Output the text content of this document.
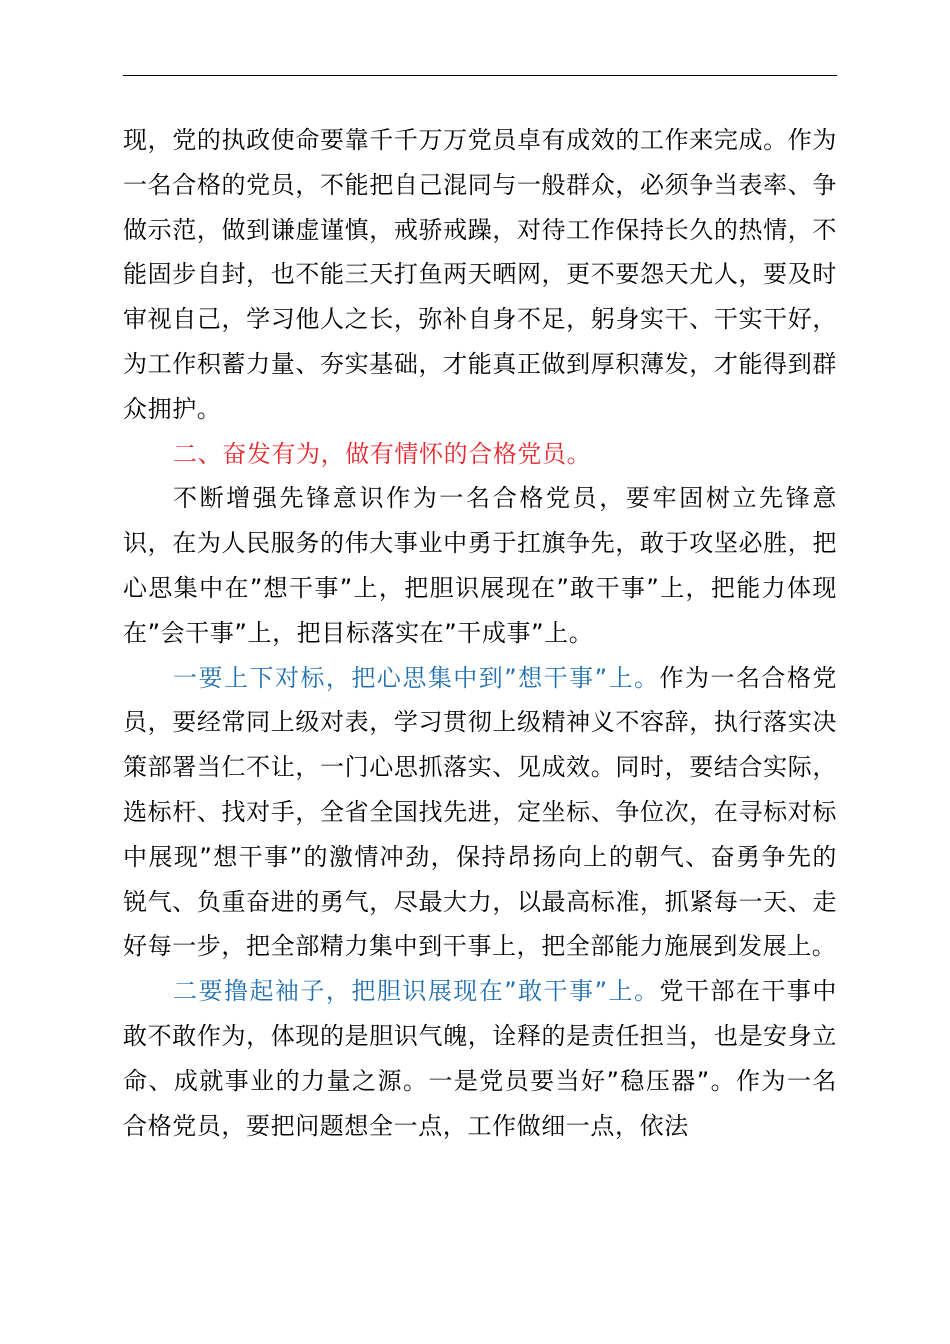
现，党的执政使命要靠千千万万党员卓有成效的工作来完成。作为一名合格的党员，不能把自己混同与一般群众，必须争当表率、争做示范，做到谦虚谨慎，戒骄戒躁，对待工作保持长久的热情，不能固步自封，也不能三天打鱼两天晒网，更不要怨天尤人，要及时审视自己，学习他人之长，弥补自身不足，躬身实干、干实干好，为工作积蓄力量、夯实基础，才能真正做到厚积薄发，才能得到群众拥护。

二、奋发有为，做有情怀的合格党员。

不断增强先锋意识作为一名合格党员，要牢固树立先锋意识，在为人民服务的伟大事业中勇于扛旗争先，敢于攻坚必胜，把心思集中在”想干事”上，把胆识展现在”敢干事”上，把能力体现在”会干事”上，把目标落实在”干成事”上。

一要上下对标，把心思集中到”想干事”上。作为一名合格党员，要经常同上级对表，学习贯彻上级精神义不容辞，执行落实决策部署当仁不让，一门心思抓落实、见成效。同时，要结合实际，选标杆、找对手，全省全国找先进，定坐标、争位次，在寻标对标中展现”想干事”的激情冲劲，保持昂扬向上的朝气、奋勇争先的锐气、负重奋进的勇气，尽最大力，以最高标准，抓紧每一天、走好每一步，把全部精力集中到干事上，把全部能力施展到发展上。

二要撸起袖子，把胆识展现在”敢干事”上。党干部在干事中敢不敢作为，体现的是胆识气魄，诠释的是责任担当，也是安身立命、成就事业的力量之源。一是党员要当好”稳压器”。作为一名合格党员，要把问题想全一点，工作做细一点，依法
